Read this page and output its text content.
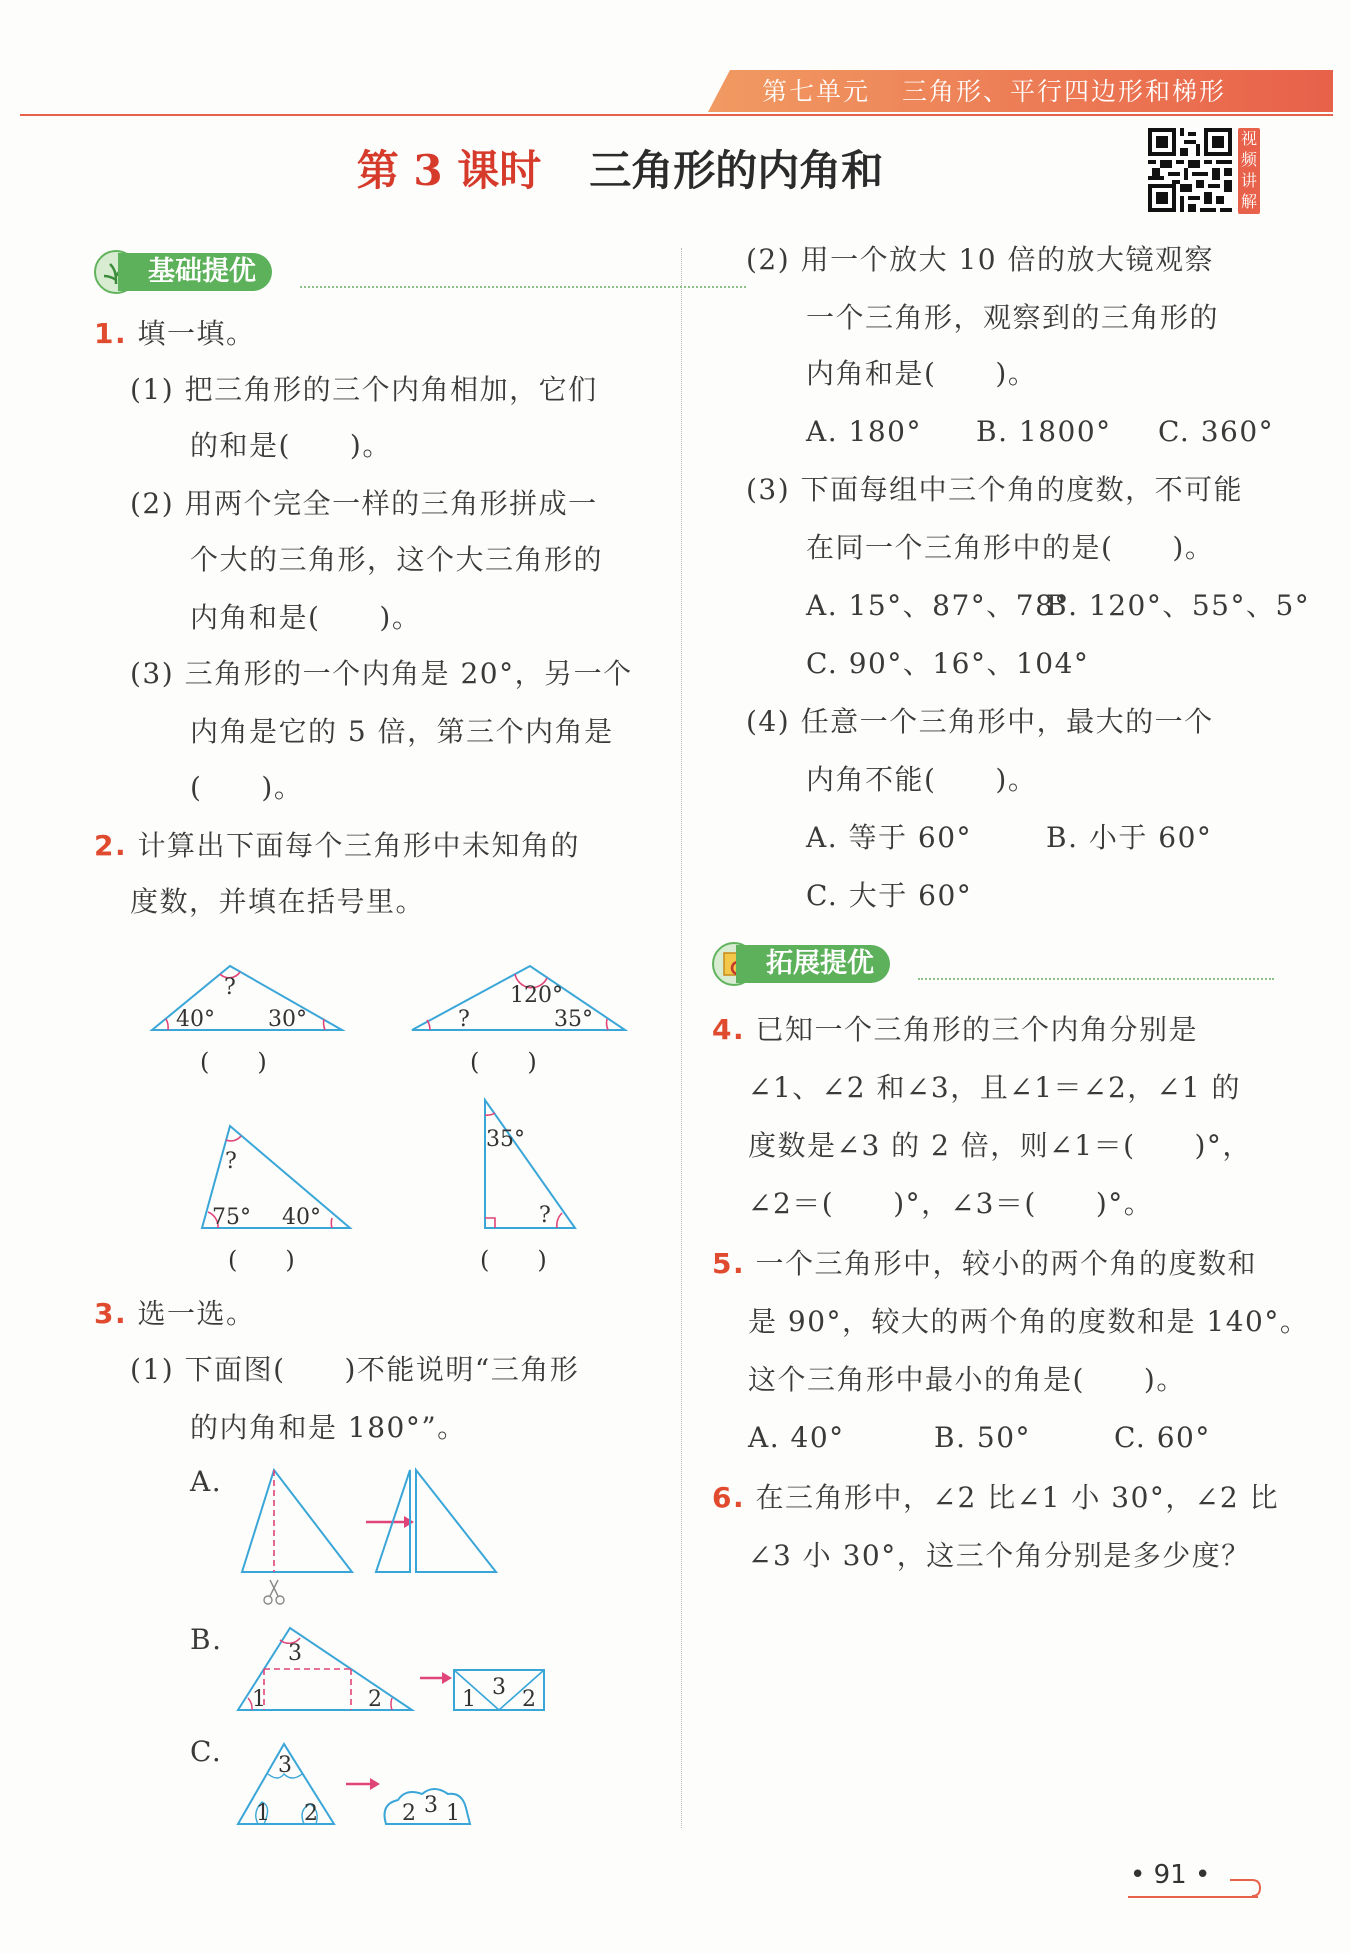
第七单元 三角形、平行四边形和梯形
第 3 课时 三角形的内角和
视频讲解
基础提优
1. 填一填。
(1) 把三角形的三个内角相加，它们
的和是(　　)。
(2) 用两个完全一样的三角形拼成一
个大的三角形，这个大三角形的
内角和是(　　)。
(3) 三角形的一个内角是 20°，另一个
内角是它的 5 倍，第三个内角是
(　　)。
2. 计算出下面每个三角形中未知角的
度数，并填在括号里。
?
40° 30°
(　　)
120°
?	35°
(　　)
?
75° 40°
(　　)
35°
?
(　　)
3. 选一选。
(1) 下面图(　　)不能说明“三角形
的内角和是 180°”。
A.
B.
C.
1	2
3
1 3 2
1 2
3
2 3 1
(2) 用一个放大 10 倍的放大镜观察
一个三角形，观察到的三角形的
内角和是(　　)。
A. 180° B. 1800° C. 360°
(3) 下面每组中三个角的度数，不可能
在同一个三角形中的是(　　)。
A. 15°、87°、78°
B. 120°、55°、5°
C. 90°、16°、104°
(4) 任意一个三角形中，最大的一个
内角不能(　　)。
A. 等于 60°	B. 小于 60°
C. 大于 60°
拓展提优
4. 已知一个三角形的三个内角分别是
∠1、∠2 和∠3，且∠1＝∠2，∠1 的
度数是∠3 的 2 倍，则∠1＝(　　)°，
∠2＝(　　)°，∠3＝(　　)°。
5. 一个三角形中，较小的两个角的度数和
是 90°，较大的两个角的度数和是 140°。
这个三角形中最小的角是(　　)。
A. 40°	B. 50°	C. 60°
6. 在三角形中，∠2 比∠1 小 30°，∠2 比
∠3 小 30°，这三个角分别是多少度？
• 91 •
